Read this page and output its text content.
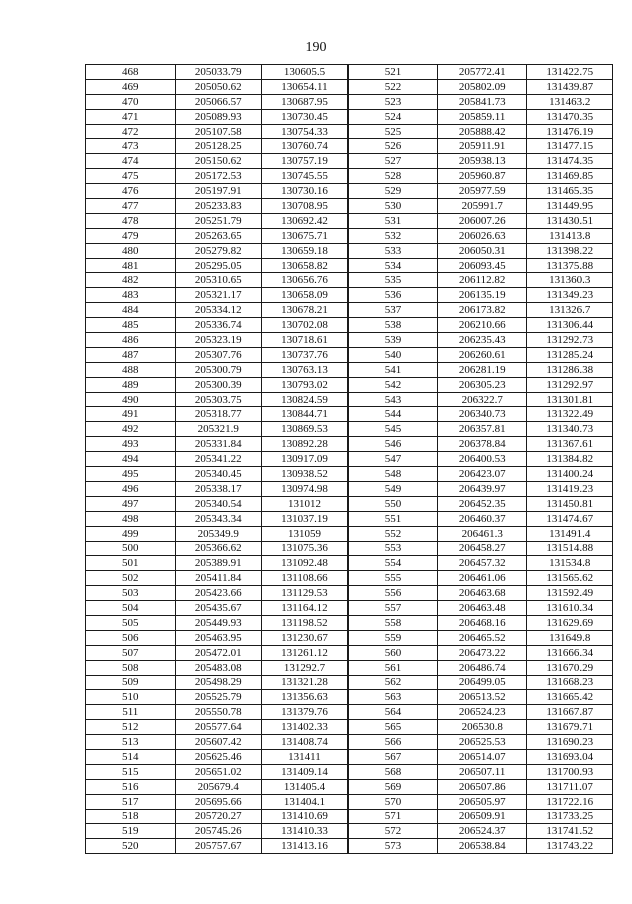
190
468	205033.79	130605.5	521	205772.41	131422.75
469	205050.62	130654.11	522	205802.09	131439.87
470	205066.57	130687.95	523	205841.73	131463.2
471	205089.93	130730.45	524	205859.11	131470.35
472	205107.58	130754.33	525	205888.42	131476.19
473	205128.25	130760.74	526	205911.91	131477.15
474	205150.62	130757.19	527	205938.13	131474.35
475	205172.53	130745.55	528	205960.87	131469.85
476	205197.91	130730.16	529	205977.59	131465.35
477	205233.83	130708.95	530	205991.7	131449.95
478	205251.79	130692.42	531	206007.26	131430.51
479	205263.65	130675.71	532	206026.63	131413.8
480	205279.82	130659.18	533	206050.31	131398.22
481	205295.05	130658.82	534	206093.45	131375.88
482	205310.65	130656.76	535	206112.82	131360.3
483	205321.17	130658.09	536	206135.19	131349.23
484	205334.12	130678.21	537	206173.82	131326.7
485	205336.74	130702.08	538	206210.66	131306.44
486	205323.19	130718.61	539	206235.43	131292.73
487	205307.76	130737.76	540	206260.61	131285.24
488	205300.79	130763.13	541	206281.19	131286.38
489	205300.39	130793.02	542	206305.23	131292.97
490	205303.75	130824.59	543	206322.7	131301.81
491	205318.77	130844.71	544	206340.73	131322.49
492	205321.9	130869.53	545	206357.81	131340.73
493	205331.84	130892.28	546	206378.84	131367.61
494	205341.22	130917.09	547	206400.53	131384.82
495	205340.45	130938.52	548	206423.07	131400.24
496	205338.17	130974.98	549	206439.97	131419.23
497	205340.54	131012	550	206452.35	131450.81
498	205343.34	131037.19	551	206460.37	131474.67
499	205349.9	131059	552	206461.3	131491.4
500	205366.62	131075.36	553	206458.27	131514.88
501	205389.91	131092.48	554	206457.32	131534.8
502	205411.84	131108.66	555	206461.06	131565.62
503	205423.66	131129.53	556	206463.68	131592.49
504	205435.67	131164.12	557	206463.48	131610.34
505	205449.93	131198.52	558	206468.16	131629.69
506	205463.95	131230.67	559	206465.52	131649.8
507	205472.01	131261.12	560	206473.22	131666.34
508	205483.08	131292.7	561	206486.74	131670.29
509	205498.29	131321.28	562	206499.05	131668.23
510	205525.79	131356.63	563	206513.52	131665.42
511	205550.78	131379.76	564	206524.23	131667.87
512	205577.64	131402.33	565	206530.8	131679.71
513	205607.42	131408.74	566	206525.53	131690.23
514	205625.46	131411	567	206514.07	131693.04
515	205651.02	131409.14	568	206507.11	131700.93
516	205679.4	131405.4	569	206507.86	131711.07
517	205695.66	131404.1	570	206505.97	131722.16
518	205720.27	131410.69	571	206509.91	131733.25
519	205745.26	131410.33	572	206524.37	131741.52
520	205757.67	131413.16	573	206538.84	131743.22
